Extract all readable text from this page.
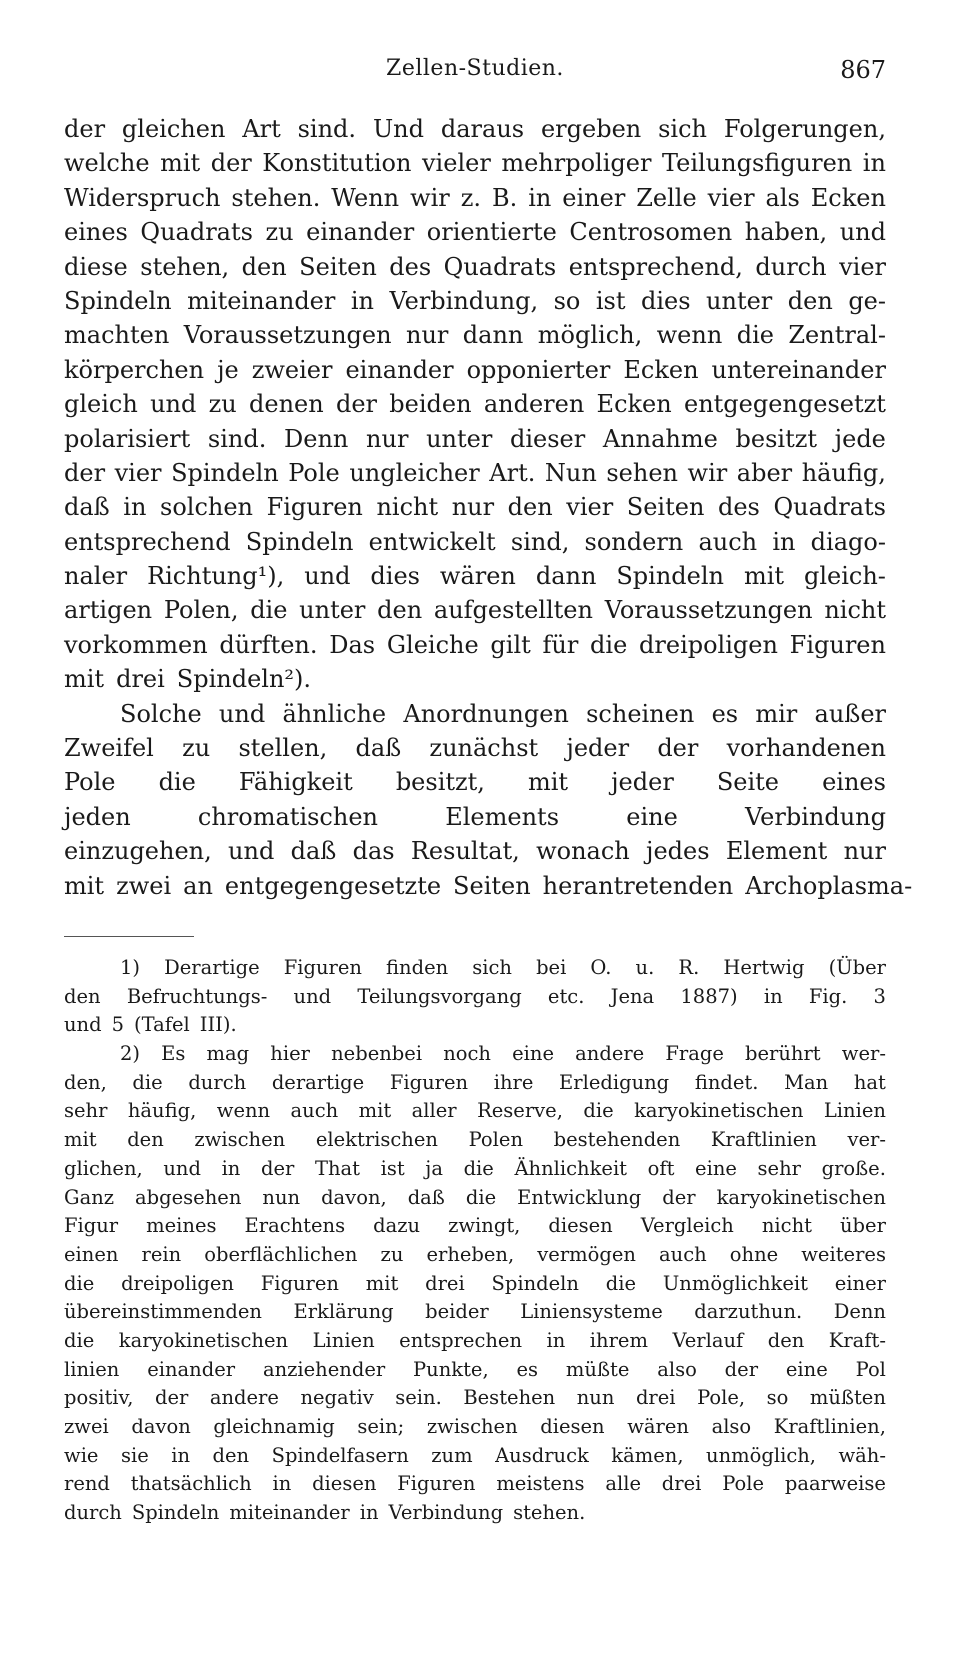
Zellen-Studien.	867
der gleichen Art sind. Und daraus ergeben sich Folgerungen,
welche mit der Konstitution vieler mehrpoliger Teilungsfiguren in
Widerspruch stehen. Wenn wir z. B. in einer Zelle vier als Ecken
eines Quadrats zu einander orientierte Centrosomen haben, und
diese stehen, den Seiten des Quadrats entsprechend, durch vier
Spindeln miteinander in Verbindung, so ist dies unter den ge-
machten Voraussetzungen nur dann möglich, wenn die Zentral-
körperchen je zweier einander opponierter Ecken untereinander
gleich und zu denen der beiden anderen Ecken entgegengesetzt
polarisiert sind. Denn nur unter dieser Annahme besitzt jede
der vier Spindeln Pole ungleicher Art. Nun sehen wir aber häufig,
daß in solchen Figuren nicht nur den vier Seiten des Quadrats
entsprechend Spindeln entwickelt sind, sondern auch in diago-
naler Richtung¹), und dies wären dann Spindeln mit gleich-
artigen Polen, die unter den aufgestellten Voraussetzungen nicht
vorkommen dürften. Das Gleiche gilt für die dreipoligen Figuren
mit drei Spindeln²).
Solche und ähnliche Anordnungen scheinen es mir außer
Zweifel zu stellen, daß zunächst jeder der vorhandenen
Pole die Fähigkeit besitzt, mit jeder Seite eines
jeden	chromatischen	Elements	eine	Verbindung
einzugehen, und daß das Resultat, wonach jedes Element nur
mit zwei an entgegengesetzte Seiten herantretenden Archoplasma-
1) Derartige Figuren finden sich bei O. u. R. Hertwig (Über
den Befruchtungs- und Teilungsvorgang etc. Jena 1887) in Fig. 3
und 5 (Tafel III).
2) Es mag hier nebenbei noch eine andere Frage berührt wer-
den, die durch derartige Figuren ihre Erledigung findet. Man hat
sehr häufig, wenn auch mit aller Reserve, die karyokinetischen Linien
mit den zwischen elektrischen Polen bestehenden Kraftlinien ver-
glichen, und in der That ist ja die Ähnlichkeit oft eine sehr große.
Ganz abgesehen nun davon, daß die Entwicklung der karyokinetischen
Figur meines Erachtens dazu zwingt, diesen Vergleich nicht über
einen rein oberflächlichen zu erheben, vermögen auch ohne weiteres
die dreipoligen Figuren mit drei Spindeln die Unmöglichkeit einer
übereinstimmenden Erklärung beider Liniensysteme darzuthun. Denn
die karyokinetischen Linien entsprechen in ihrem Verlauf den Kraft-
linien einander anziehender Punkte, es müßte also der eine Pol
positiv, der andere negativ sein. Bestehen nun drei Pole, so müßten
zwei davon gleichnamig sein; zwischen diesen wären also Kraftlinien,
wie sie in den Spindelfasern zum Ausdruck kämen, unmöglich, wäh-
rend thatsächlich in diesen Figuren meistens alle drei Pole paarweise
durch Spindeln miteinander in Verbindung stehen.
